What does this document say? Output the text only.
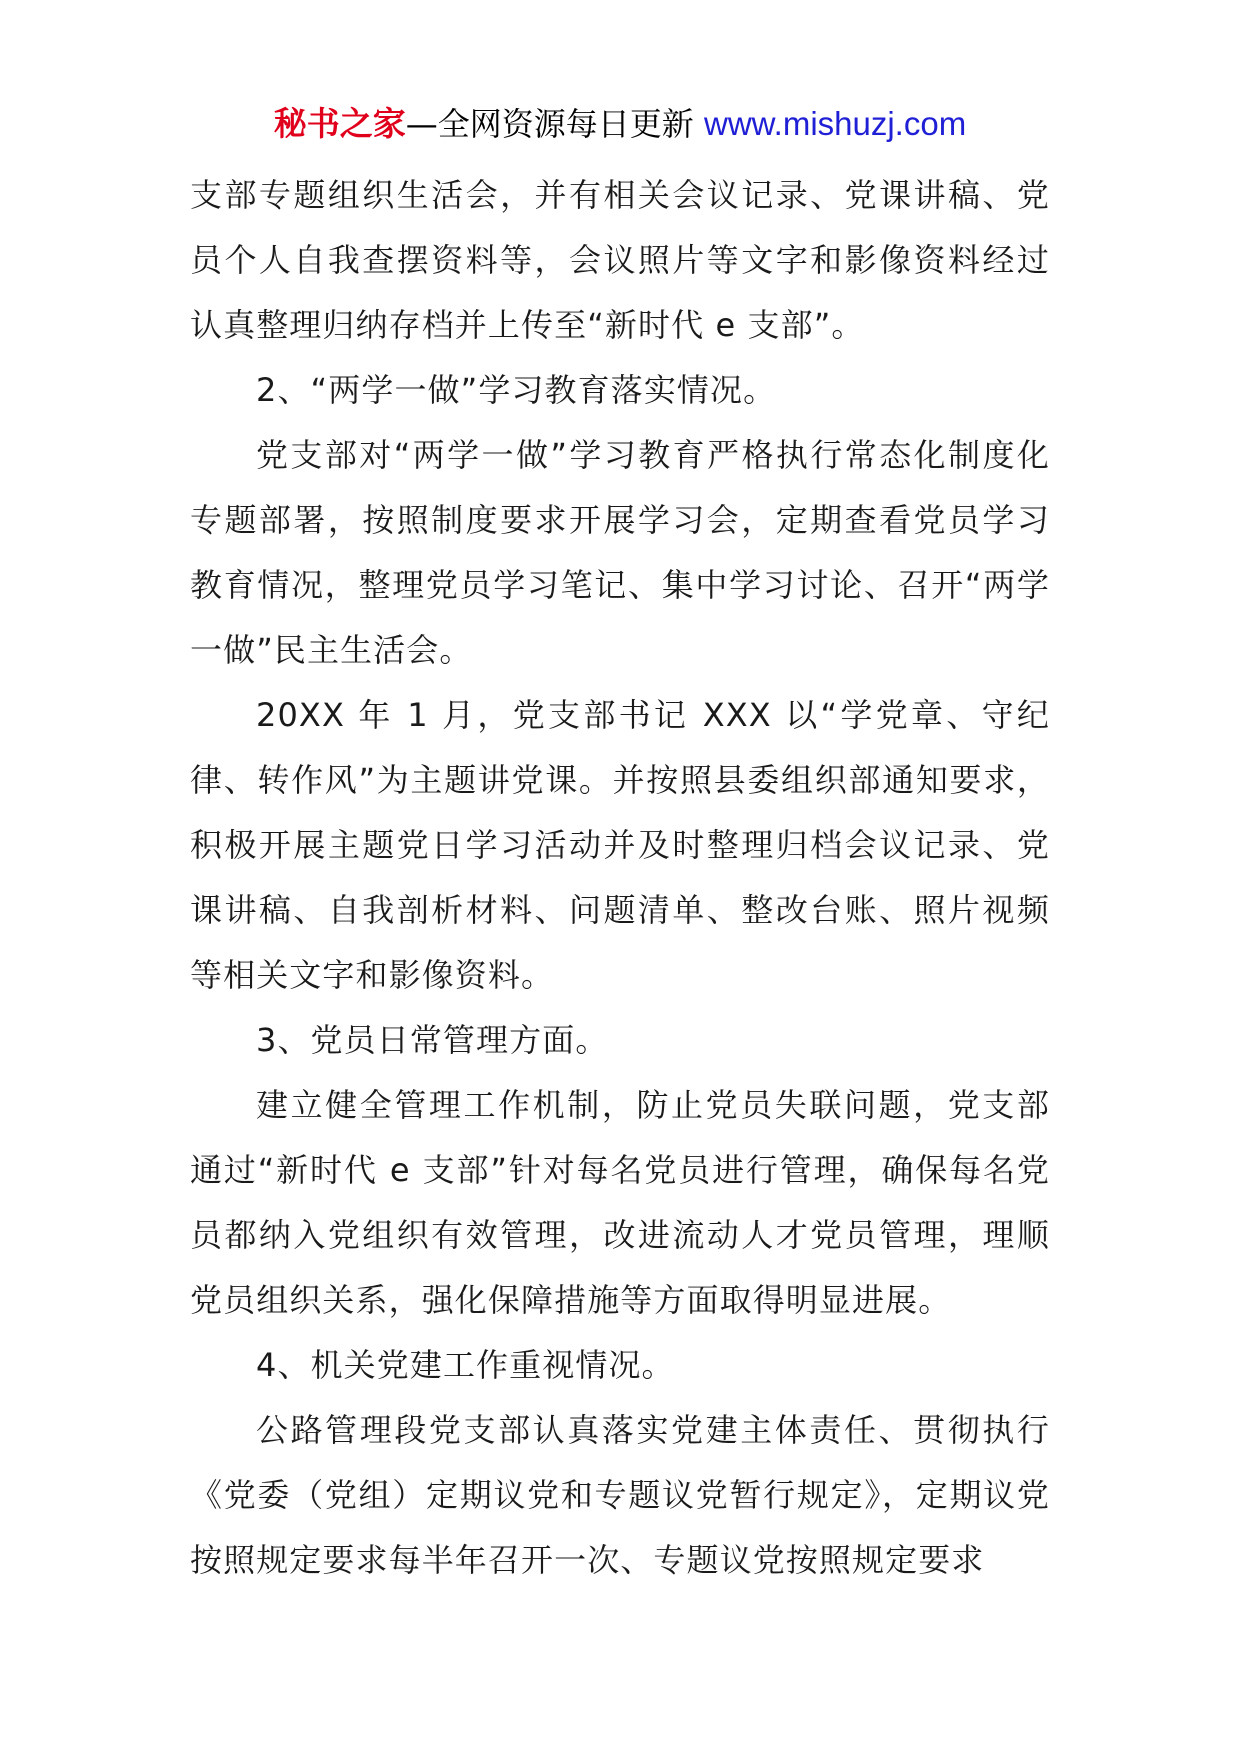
秘书之家—全网资源每日更新 www.mishuzj.com

支部专题组织生活会，并有相关会议记录、党课讲稿、党员个人自我查摆资料等，会议照片等文字和影像资料经过认真整理归纳存档并上传至“新时代 e 支部”。

2、“两学一做”学习教育落实情况。

党支部对“两学一做”学习教育严格执行常态化制度化专题部署，按照制度要求开展学习会，定期查看党员学习教育情况，整理党员学习笔记、集中学习讨论、召开“两学一做”民主生活会。

20XX 年 1 月，党支部书记 XXX 以“学党章、守纪律、转作风”为主题讲党课。并按照县委组织部通知要求，积极开展主题党日学习活动并及时整理归档会议记录、党课讲稿、自我剖析材料、问题清单、整改台账、照片视频等相关文字和影像资料。

3、党员日常管理方面。

建立健全管理工作机制，防止党员失联问题，党支部通过“新时代 e 支部”针对每名党员进行管理，确保每名党员都纳入党组织有效管理，改进流动人才党员管理，理顺党员组织关系，强化保障措施等方面取得明显进展。

4、机关党建工作重视情况。

公路管理段党支部认真落实党建主体责任、贯彻执行《党委（党组）定期议党和专题议党暂行规定》，定期议党按照规定要求每半年召开一次、专题议党按照规定要求
